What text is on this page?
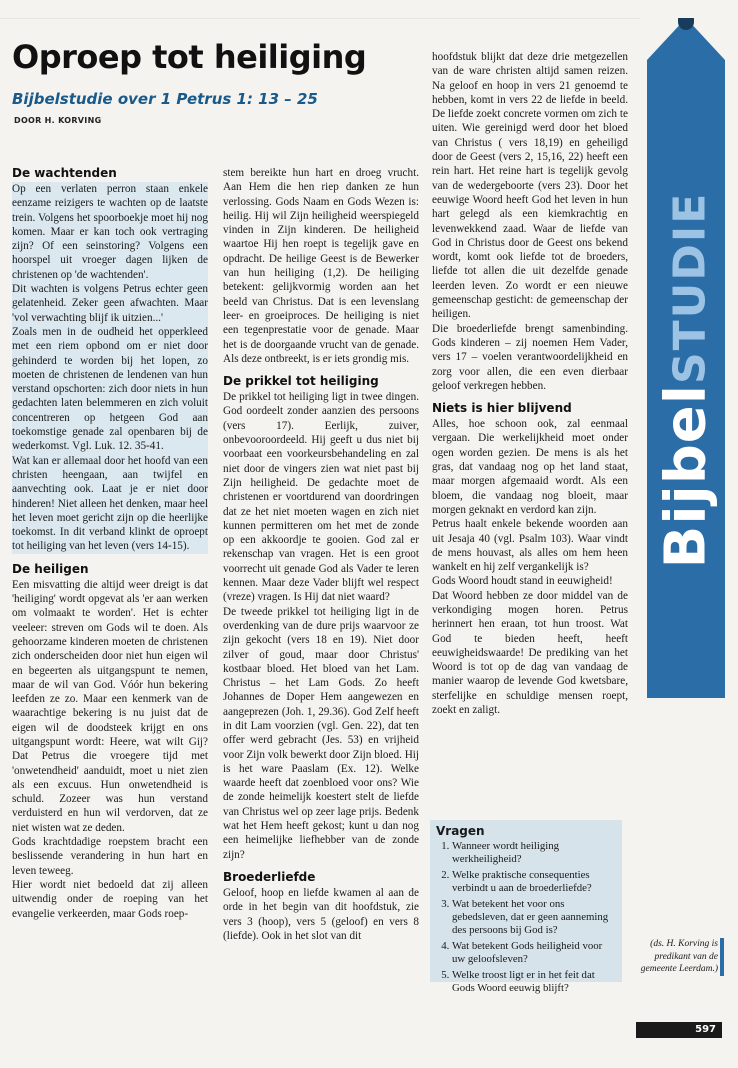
Oproep tot heiliging

Bijbelstudie over 1 Petrus 1: 13 – 25

DOOR H. KORVING
De wachtenden

Op een verlaten perron staan enkele eenzame reizigers te wachten op de laatste trein. Volgens het spoorboekje moet hij nog komen. Maar er kan toch ook vertraging zijn? Of een seinstoring? Volgens een hoorspel uit vroeger dagen lijken de christenen op 'de wachtenden'.

Dit wachten is volgens Petrus echter geen gelatenheid. Zeker geen afwachten. Maar 'vol verwachting blijf ik uitzien...'

Zoals men in de oudheid het opperkleed met een riem opbond om er niet door gehinderd te worden bij het lopen, zo moeten de christenen de lendenen van hun verstand opschorten: zich door niets in hun gedachten laten belemmeren en zich voluit concentreren op hetgeen God aan toekomstige genade zal openbaren bij de wederkomst. Vgl. Luk. 12. 35-41.

Wat kan er allemaal door het hoofd van een christen heengaan, aan twijfel en aanvechting ook. Laat je er niet door hinderen! Niet alleen het denken, maar heel het leven moet gericht zijn op die heerlijke toekomst. In dit verband klinkt de oproept tot heiliging van het leven (vers 14-15).

De heiligen

Een misvatting die altijd weer dreigt is dat 'heiliging' wordt opgevat als 'er aan werken om volmaakt te worden'. Het is echter veeleer: streven om Gods wil te doen. Als gehoorzame kinderen moeten de christenen zich onderscheiden door niet hun eigen wil en begeerten als uitgangspunt te nemen, maar de wil van God. Vóór hun bekering leefden ze zo. Maar een kenmerk van de waarachtige bekering is nu juist dat de eigen wil de doodsteek krijgt en ons uitgangspunt wordt: Heere, wat wilt Gij? Dat Petrus die vroegere tijd met 'onwetendheid' aanduidt, moet u niet zien als een excuus. Hun onwetendheid is schuld. Zozeer was hun verstand verduisterd en hun wil verdorven, dat ze niet wisten wat ze deden.

Gods krachtdadige roepstem bracht een beslissende verandering in hun hart en leven teweeg.

Hier wordt niet bedoeld dat zij alleen uitwendig onder de roeping van het evangelie verkeerden, maar Gods roep-

stem bereikte hun hart en droeg vrucht. Aan Hem die hen riep danken ze hun verlossing. Gods Naam en Gods Wezen is: heilig. Hij wil Zijn heiligheid weerspiegeld vinden in Zijn kinderen. De heiligheid waartoe Hij hen roept is tegelijk gave en opdracht. De heilige Geest is de Bewerker van hun heiliging (1,2). De heiliging betekent: gelijkvormig worden aan het beeld van Christus. Dat is een levenslang leer- en groeiproces. De heiliging is niet een tegenprestatie voor de genade. Maar het is de doorgaande vrucht van de genade. Als deze ontbreekt, is er iets grondig mis.

De prikkel tot heiliging

De prikkel tot heiliging ligt in twee dingen. God oordeelt zonder aanzien des persoons (vers 17). Eerlijk, zuiver, onbevooroordeeld. Hij geeft u dus niet bij voorbaat een voorkeursbehandeling en zal niet door de vingers zien wat niet past bij Zijn heiligheid. De gedachte moet de christenen er voortdurend van doordringen dat ze het niet moeten wagen en zich niet kunnen permitteren om het met de zonde op een akkoordje te gooien. God zal er rekenschap van vragen. Het is een groot voorrecht uit genade God als Vader te leren kennen. Maar deze Vader blijft wel respect (vreze) vragen. Is Hij dat niet waard?

De tweede prikkel tot heiliging ligt in de overdenking van de dure prijs waarvoor ze zijn gekocht (vers 18 en 19). Niet door zilver of goud, maar door Christus' kostbaar bloed. Het bloed van het Lam. Christus – het Lam Gods. Zo heeft Johannes de Doper Hem aangewezen en aangeprezen (Joh. 1, 29.36). God Zelf heeft in dit Lam voorzien (vgl. Gen. 22), dat ten offer werd gebracht (Jes. 53) en vrijheid voor Zijn volk bewerkt door Zijn bloed. Hij is het ware Paaslam (Ex. 12). Welke waarde heeft dat zoenbloed voor ons? Wie de zonde heimelijk koestert stelt de liefde van Christus wel op zeer lage prijs. Bedenk wat het Hem heeft gekost; kunt u dan nog een heimelijke liefhebber van de zonde zijn?

Broederliefde

Geloof, hoop en liefde kwamen al aan de orde in het begin van dit hoofdstuk, zie vers 3 (hoop), vers 5 (geloof) en vers 8 (liefde). Ook in het slot van dit

hoofdstuk blijkt dat deze drie metgezellen van de ware christen altijd samen reizen. Na geloof en hoop in vers 21 genoemd te hebben, komt in vers 22 de liefde in beeld. De liefde zoekt concrete vormen om zich te uiten. Wie gereinigd werd door het bloed van Christus ( vers 18,19) en geheiligd door de Geest (vers 2, 15,16, 22) heeft een rein hart. Het reine hart is tegelijk gevolg van de wedergeboorte (vers 23). Door het eeuwige Woord heeft God het leven in hun hart gelegd als een kiemkrachtig en levenwekkend zaad. Waar de liefde van God in Christus door de Geest ons bekend wordt, komt ook liefde tot de broeders, liefde tot allen die uit dezelfde genade leerden leven. Zo wordt er een nieuwe gemeenschap gesticht: de gemeenschap der heiligen.

Die broederliefde brengt samenbinding. Gods kinderen – zij noemen Hem Vader, vers 17 – voelen verantwoordelijkheid en zorg voor allen, die een even dierbaar geloof verkregen hebben.

Niets is hier blijvend

Alles, hoe schoon ook, zal eenmaal vergaan. Die werkelijkheid moet onder ogen worden gezien. De mens is als het gras, dat vandaag nog op het land staat, maar morgen afgemaaid wordt. Als een bloem, die vandaag nog bloeit, maar morgen geknakt en verdord kan zijn.

Petrus haalt enkele bekende woorden aan uit Jesaja 40 (vgl. Psalm 103). Waar vindt de mens houvast, als alles om hem heen wankelt en hij zelf vergankelijk is?

Gods Woord houdt stand in eeuwigheid!

Dat Woord hebben ze door middel van de verkondiging mogen horen. Petrus herinnert hen eraan, tot hun troost. Wat God te bieden heeft, heeft eeuwigheidswaarde! De prediking van het Woord is tot op de dag van vandaag de manier waarop de levende God kwetsbare, sterfelijke en schuldige mensen roept, zoekt en zaligt.

Vragen
1. Wanneer wordt heiliging werkheiligheid?
2. Welke praktische consequenties verbindt u aan de broederliefde?
3. Wat betekent het voor ons gebedsleven, dat er geen aanneming des persoons bij God is?
4. Wat betekent Gods heiligheid voor uw geloofsleven?
5. Welke troost ligt er in het feit dat Gods Woord eeuwig blijft?
BijbelSTUDIE
(ds. H. Korving is predikant van de gemeente Leerdam.)
597
